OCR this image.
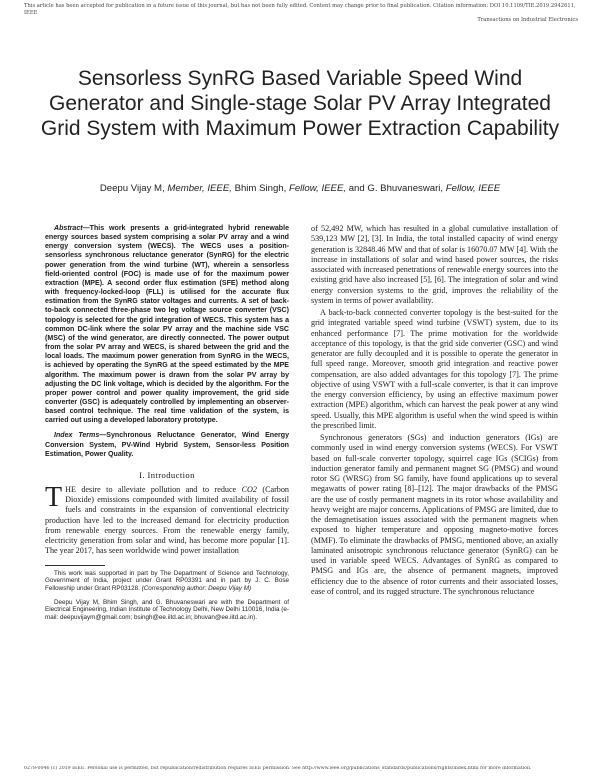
This article has been accepted for publication in a future issue of this journal, but has not been fully edited. Content may change prior to final publication. Citation information: DOI 10.1109/TIE.2019.2942611, IEEE
Transactions on Industrial Electronics
Sensorless SynRG Based Variable Speed Wind Generator and Single-stage Solar PV Array Integrated Grid System with Maximum Power Extraction Capability
Deepu Vijay M, Member, IEEE, Bhim Singh, Fellow, IEEE, and G. Bhuvaneswari, Fellow, IEEE

Abstract—This work presents a grid-integrated hybrid renewable energy sources based system comprising a solar PV array and a wind energy conversion system (WECS). The WECS uses a position-sensorless synchronous reluctance generator (SynRG) for the electric power generation from the wind turbine (WT), wherein a sensorless field-oriented control (FOC) is made use of for the maximum power extraction (MPE). A second order flux estimation (SFE) method along with frequency-locked-loop (FLL) is utilised for the accurate flux estimation from the SynRG stator voltages and currents. A set of back-to-back connected three-phase two leg voltage source converter (VSC) topology is selected for the grid integration of WECS. This system has a common DC-link where the solar PV array and the machine side VSC (MSC) of the wind generator, are directly connected. The power output from the solar PV array and WECS, is shared between the grid and the local loads. The maximum power generation from SynRG in the WECS, is achieved by operating the SynRG at the speed estimated by the MPE algorithm. The maximum power is drawn from the solar PV array by adjusting the DC link voltage, which is decided by the algorithm. For the proper power control and power quality improvement, the grid side converter (GSC) is adequately controlled by implementing an observer-based control technique. The real time validation of the system, is carried out using a developed laboratory prototype.

Index Terms—Synchronous Reluctance Generator, Wind Energy Conversion System, PV-Wind Hybrid System, Sensor-less Position Estimation, Power Quality.

I. Introduction

THE desire to alleviate pollution and to reduce CO2 (Carbon Dioxide) emissions compounded with limited availability of fossil fuels and constraints in the expansion of conventional electricity production have led to the increased demand for electricity production from renewable energy sources. From the renewable energy family, electricity generation from solar and wind, has become more popular [1]. The year 2017, has seen worldwide wind power installation

This work was supported in part by The Department of Science and Technology, Government of India, project under Grant RP03391 and in part by J. C. Bose Fellowship under Grant RP03128. (Corresponding author: Deepu Vijay M)

Deepu Vijay M, Bhim Singh, and G. Bhuvaneswari are with the Department of Electrical Engineering, Indian Institute of Technology Delhi, New Delhi 110016, India (e-mail: deepuvijaym@gmail.com; bsingh@ee.iitd.ac.in; bhuvan@ee.iitd.ac.in).

of 52,492 MW, which has resulted in a global cumulative installation of 539,123 MW [2], [3]. In India, the total installed capacity of wind energy generation is 32848.46 MW and that of solar is 16070.07 MW [4]. With the increase in installations of solar and wind based power sources, the risks associated with increased penetrations of renewable energy sources into the existing grid have also increased [5], [6]. The integration of solar and wind energy conversion systems to the grid, improves the reliability of the system in terms of power availability.

A back-to-back connected converter topology is the best-suited for the grid integrated variable speed wind turbine (VSWT) system, due to its enhanced performance [7]. The prime motivation for the worldwide acceptance of this topology, is that the grid side converter (GSC) and wind generator are fully decoupled and it is possible to operate the generator in full speed range. Moreover, smooth grid integration and reactive power compensation, are also added advantages for this topology [7]. The prime objective of using VSWT with a full-scale converter, is that it can improve the energy conversion efficiency, by using an effective maximum power extraction (MPE) algorithm, which can harvest the peak power at any wind speed. Usually, this MPE algorithm is useful when the wind speed is within the prescribed limit.

Synchronous generators (SGs) and induction generators (IGs) are commonly used in wind energy conversion systems (WECS). For VSWT based on full-scale converter topology, squirrel cage IGs (SCIGs) from induction generator family and permanent magnet SG (PMSG) and wound rotor SG (WRSG) from SG family, have found applications up to several megawatts of power rating [8]–[12]. The major drawbacks of the PMSG are the use of costly permanent magnets in its rotor whose availability and heavy weight are major concerns. Applications of PMSG are limited, due to the demagnetisation issues associated with the permanent magnets when exposed to higher temperature and opposing magneto-motive forces (MMF). To eliminate the drawbacks of PMSG, mentioned above, an axially laminated anisotropic synchronous reluctance generator (SynRG) can be used in variable speed WECS. Advantages of SynRG as compared to PMSG and IGs are, the absence of permanent magnets, improved efficiency due to the absence of rotor currents and their associated losses, ease of control, and its rugged structure. The synchronous reluctance

0278-0046 (c) 2019 IEEE. Personal use is permitted, but republication/redistribution requires IEEE permission. See http://www.ieee.org/publications_standards/publications/rights/index.html for more information.
